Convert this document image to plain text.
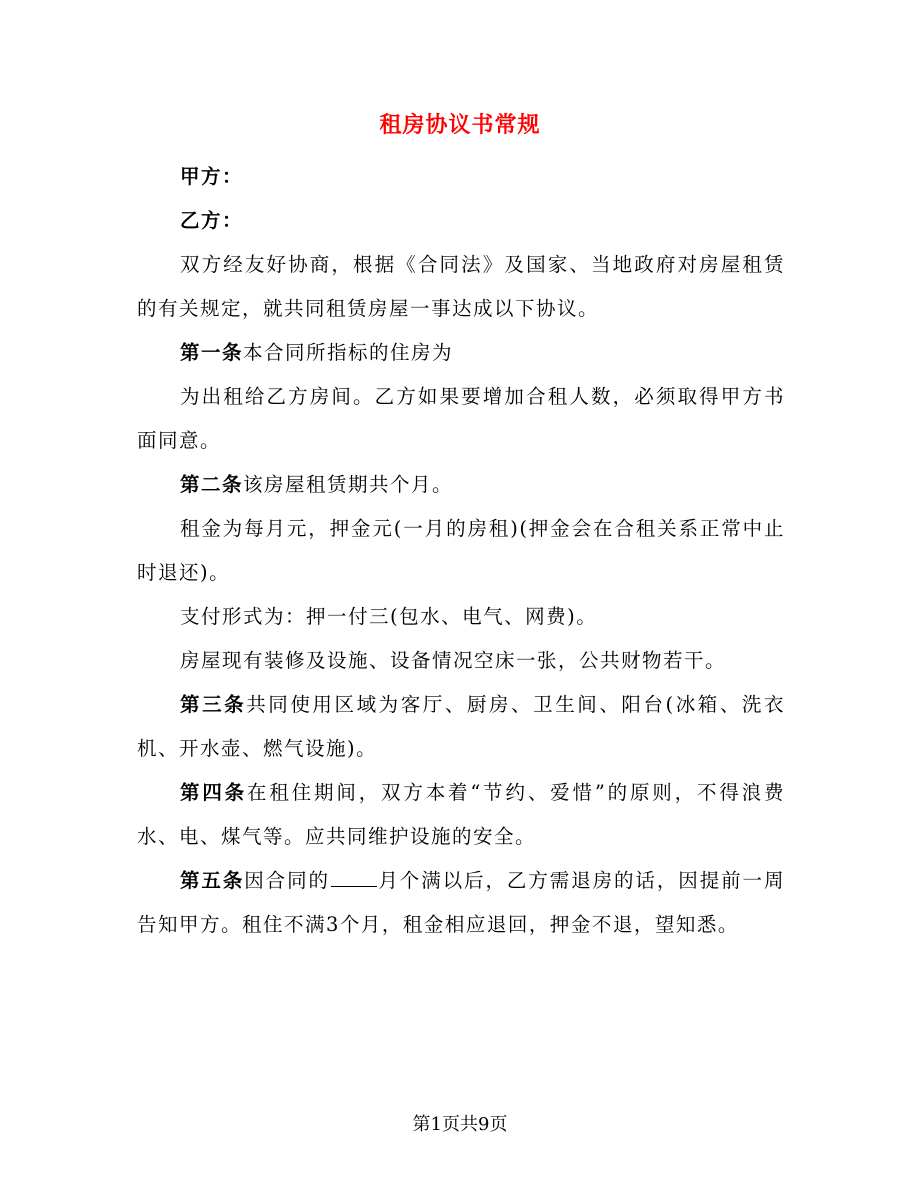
租房协议书常规

甲方：

乙方：

双方经友好协商，根据《合同法》及国家、当地政府对房屋租赁的有关规定，就共同租赁房屋一事达成以下协议。

第一条本合同所指标的住房为

为出租给乙方房间。乙方如果要增加合租人数，必须取得甲方书面同意。

第二条该房屋租赁期共个月。

租金为每月元，押金元(一月的房租)(押金会在合租关系正常中止时退还)。

支付形式为：押一付三(包水、电气、网费)。

房屋现有装修及设施、设备情况空床一张，公共财物若干。

第三条共同使用区域为客厅、厨房、卫生间、阳台(冰箱、洗衣机、开水壶、燃气设施)。

第四条在租住期间，双方本着“节约、爱惜”的原则，不得浪费水、电、煤气等。应共同维护设施的安全。

第五条因合同的 月个满以后，乙方需退房的话，因提前一周告知甲方。租住不满3个月，租金相应退回，押金不退，望知悉。

第1页共9页
